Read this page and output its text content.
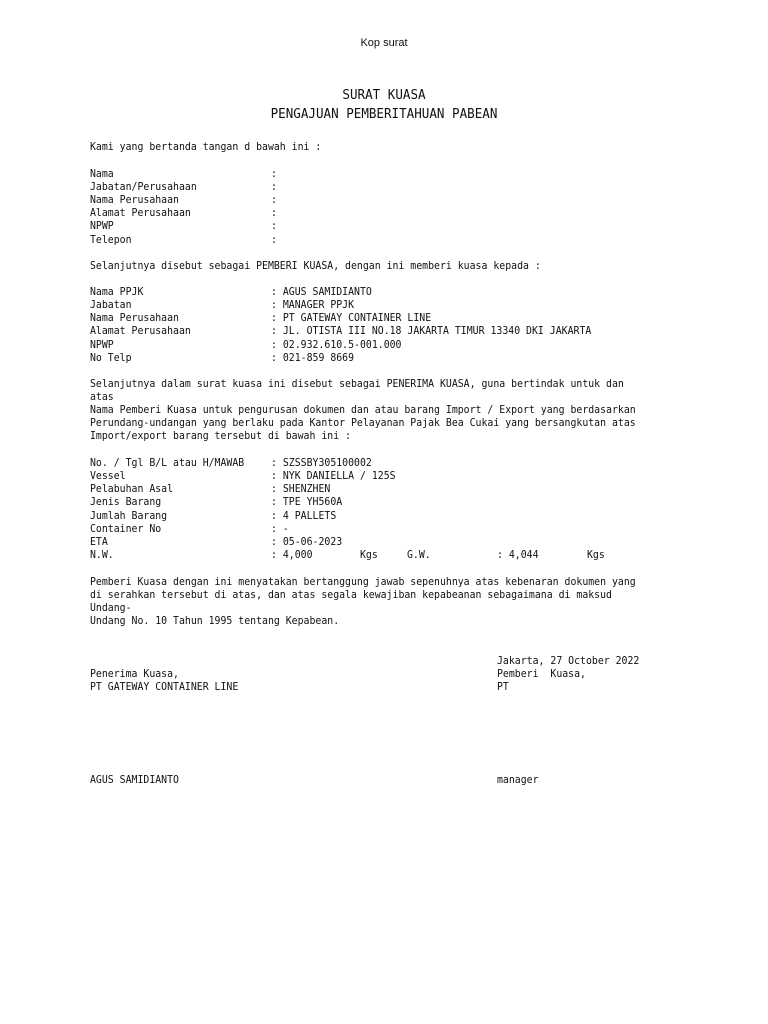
Kop surat
SURAT KUASA
PENGAJUAN PEMBERITAHUAN PABEAN
Kami yang bertanda tangan d bawah ini :
Nama	:
Jabatan/Perusahaan	:
Nama Perusahaan	:
Alamat Perusahaan	:
NPWP	:
Telepon	:
Selanjutnya disebut sebagai PEMBERI KUASA, dengan ini memberi kuasa kepada :
Nama PPJK	: AGUS SAMIDIANTO
Jabatan	: MANAGER PPJK
Nama Perusahaan	: PT GATEWAY CONTAINER LINE
Alamat Perusahaan	: JL. OTISTA III NO.18 JAKARTA TIMUR 13340 DKI JAKARTA
NPWP	: 02.932.610.5-001.000
No Telp	: 021-859 8669
Selanjutnya dalam surat kuasa ini disebut sebagai PENERIMA KUASA, guna bertindak untuk dan
atas
Nama Pemberi Kuasa untuk pengurusan dokumen dan atau barang Import / Export yang berdasarkan
Perundang-undangan yang berlaku pada Kantor Pelayanan Pajak Bea Cukai yang bersangkutan atas
Import/export barang tersebut di bawah ini :
No. / Tgl B/L atau H/MAWAB	: SZSSBY305100002
Vessel	: NYK DANIELLA / 125S
Pelabuhan Asal	: SHENZHEN
Jenis Barang	: TPE YH560A
Jumlah Barang	: 4 PALLETS
Container No	: -
ETA	: 05-06-2023
N.W.	: 4,000	Kgs	G.W.	: 4,044	Kgs
Pemberi Kuasa dengan ini menyatakan bertanggung jawab sepenuhnya atas kebenaran dokumen yang
di serahkan tersebut di atas, dan atas segala kewajiban kepabeanan sebagaimana di maksud
Undang-
Undang No. 10 Tahun 1995 tentang Kepabean.
Jakarta, 27 October 2022
Penerima Kuasa,	Pemberi  Kuasa,
PT GATEWAY CONTAINER LINE	PT
AGUS SAMIDIANTO	manager
